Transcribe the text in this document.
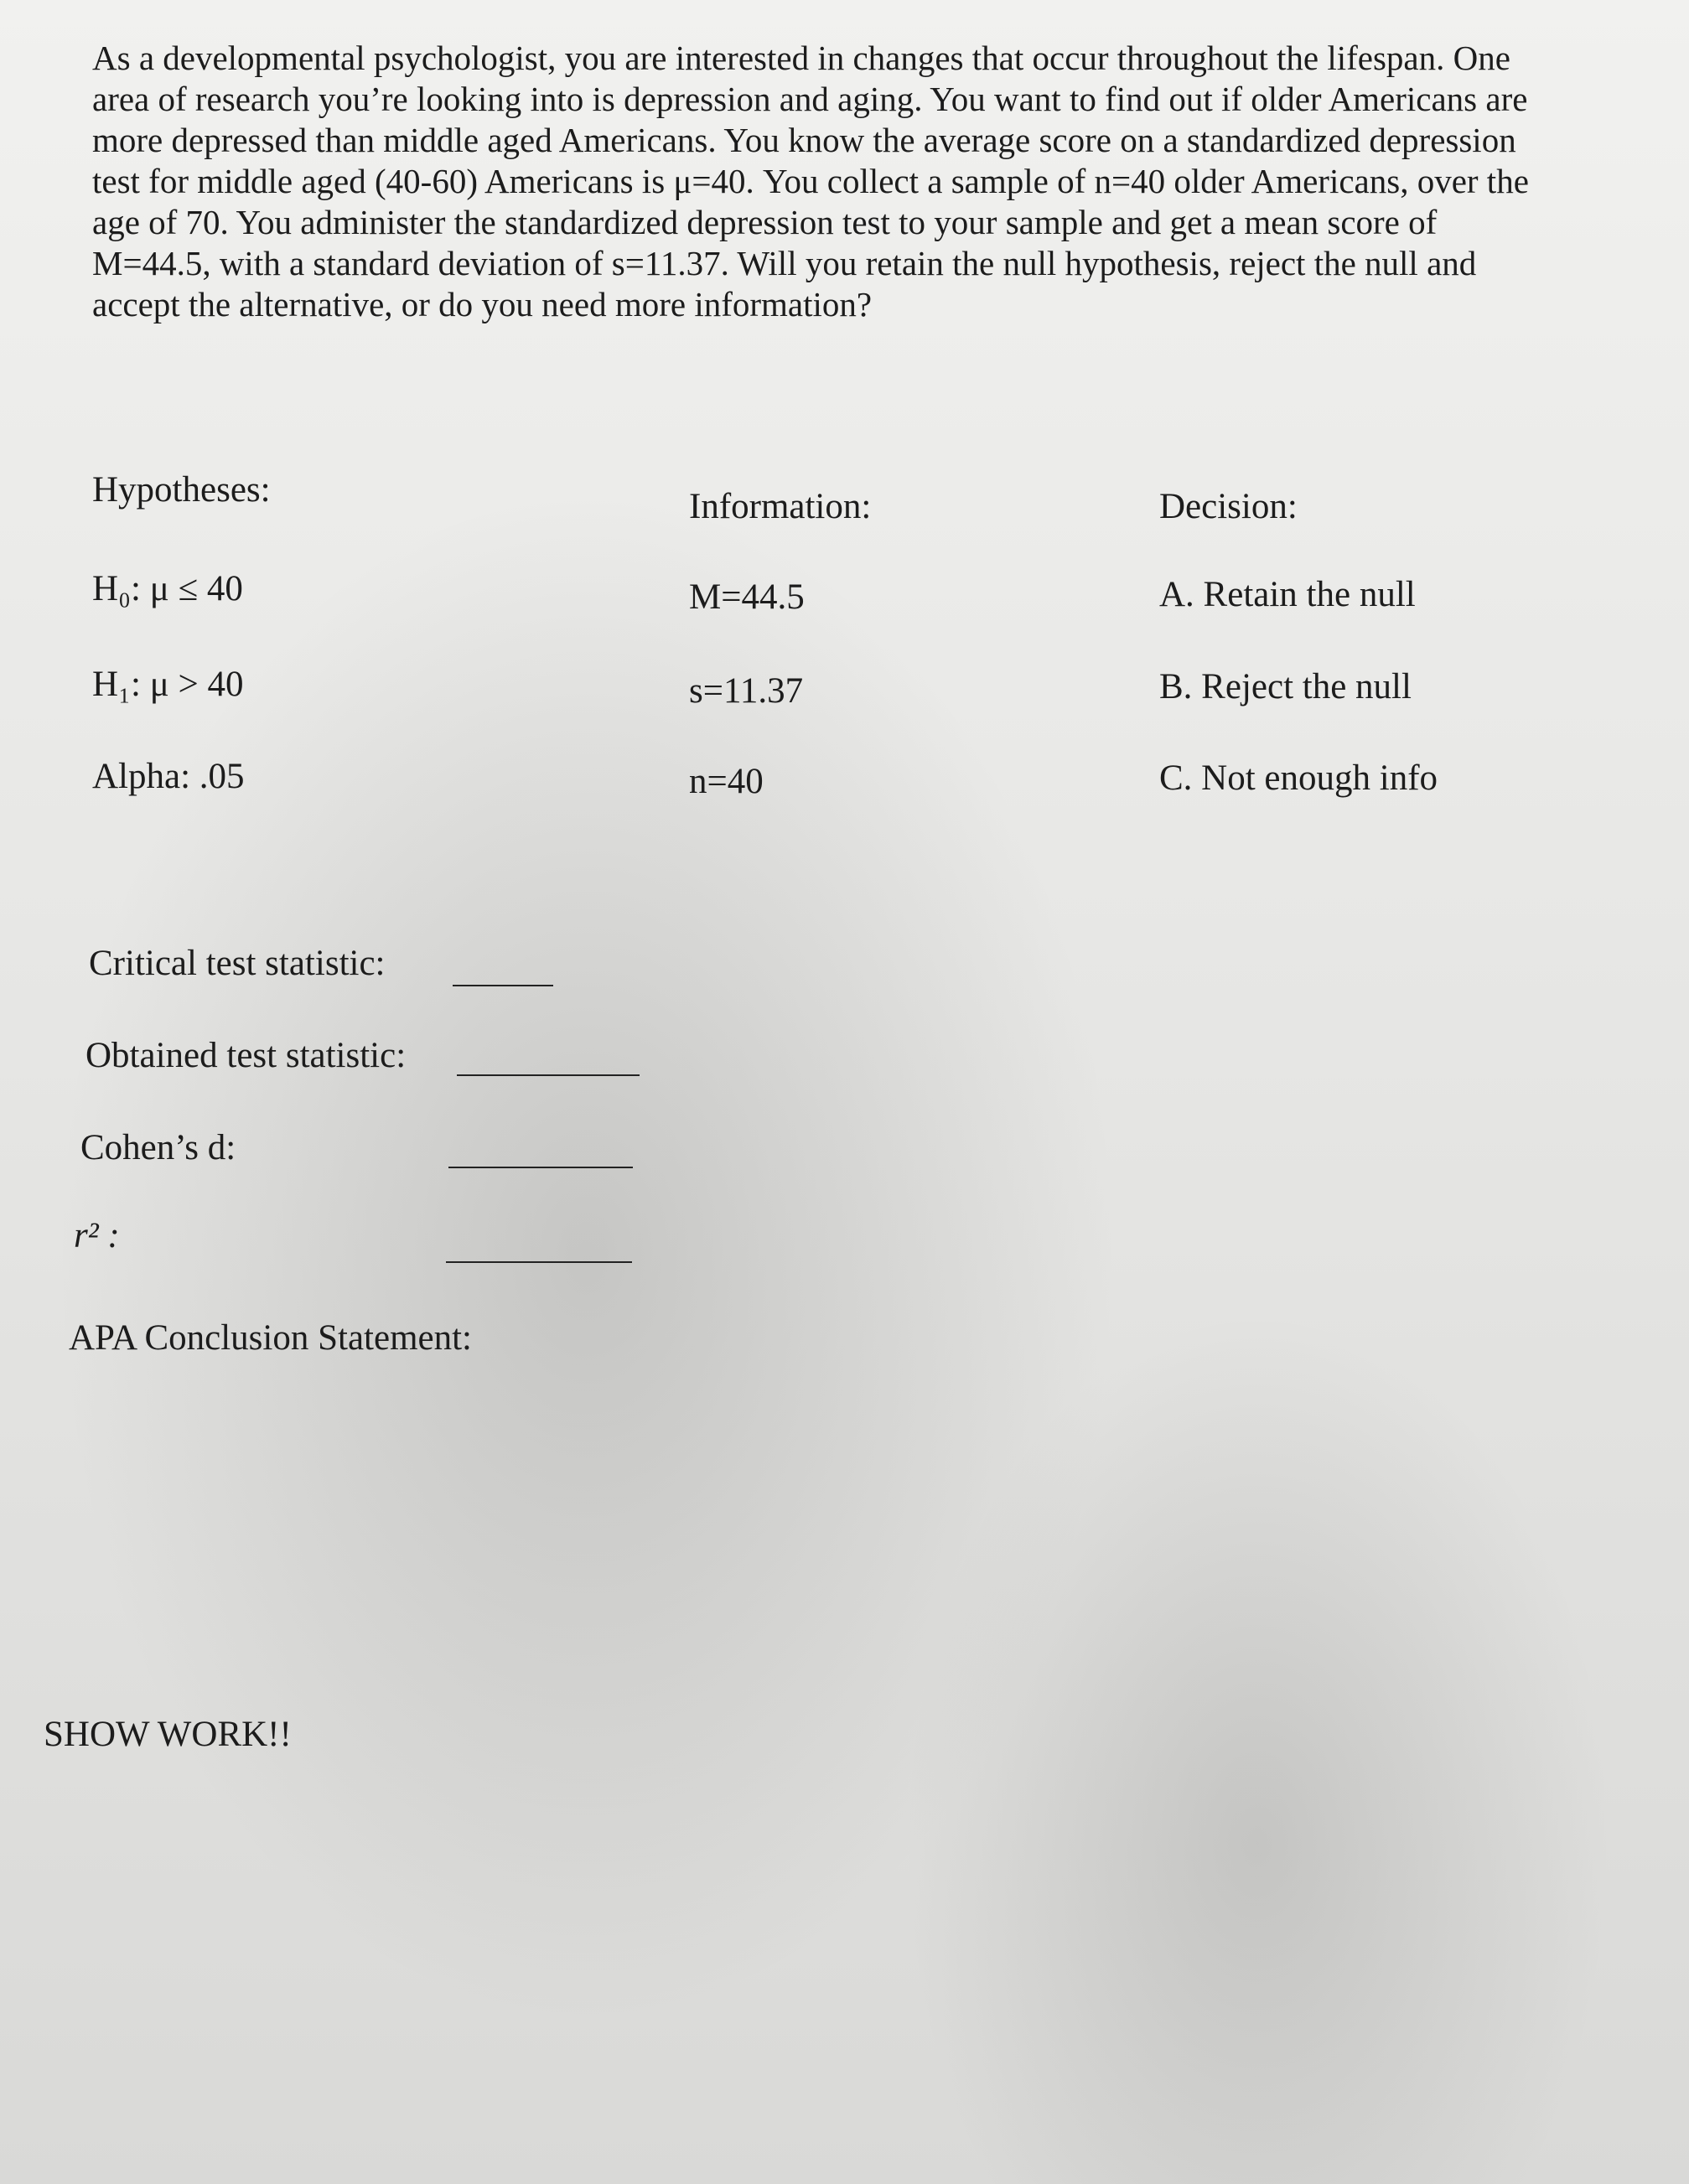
As a developmental psychologist, you are interested in changes that occur throughout the lifespan. One area of research you’re looking into is depression and aging. You want to find out if older Americans are more depressed than middle aged Americans. You know the average score on a standardized depression test for middle aged (40-60) Americans is μ=40. You collect a sample of n=40 older Americans, over the age of 70. You administer the standardized depression test to your sample and get a mean score of M=44.5, with a standard deviation of s=11.37. Will you retain the null hypothesis, reject the null and accept the alternative, or do you need more information?

Hypotheses:
H₀: μ ≤ 40
H₁: μ > 40
Alpha: .05
Information:
M=44.5
s=11.37
n=40
Decision:
A. Retain the null
B. Reject the null
C. Not enough info
Critical test statistic:
Obtained test statistic:
Cohen’s d:
r² :
APA Conclusion Statement:
SHOW WORK!!
